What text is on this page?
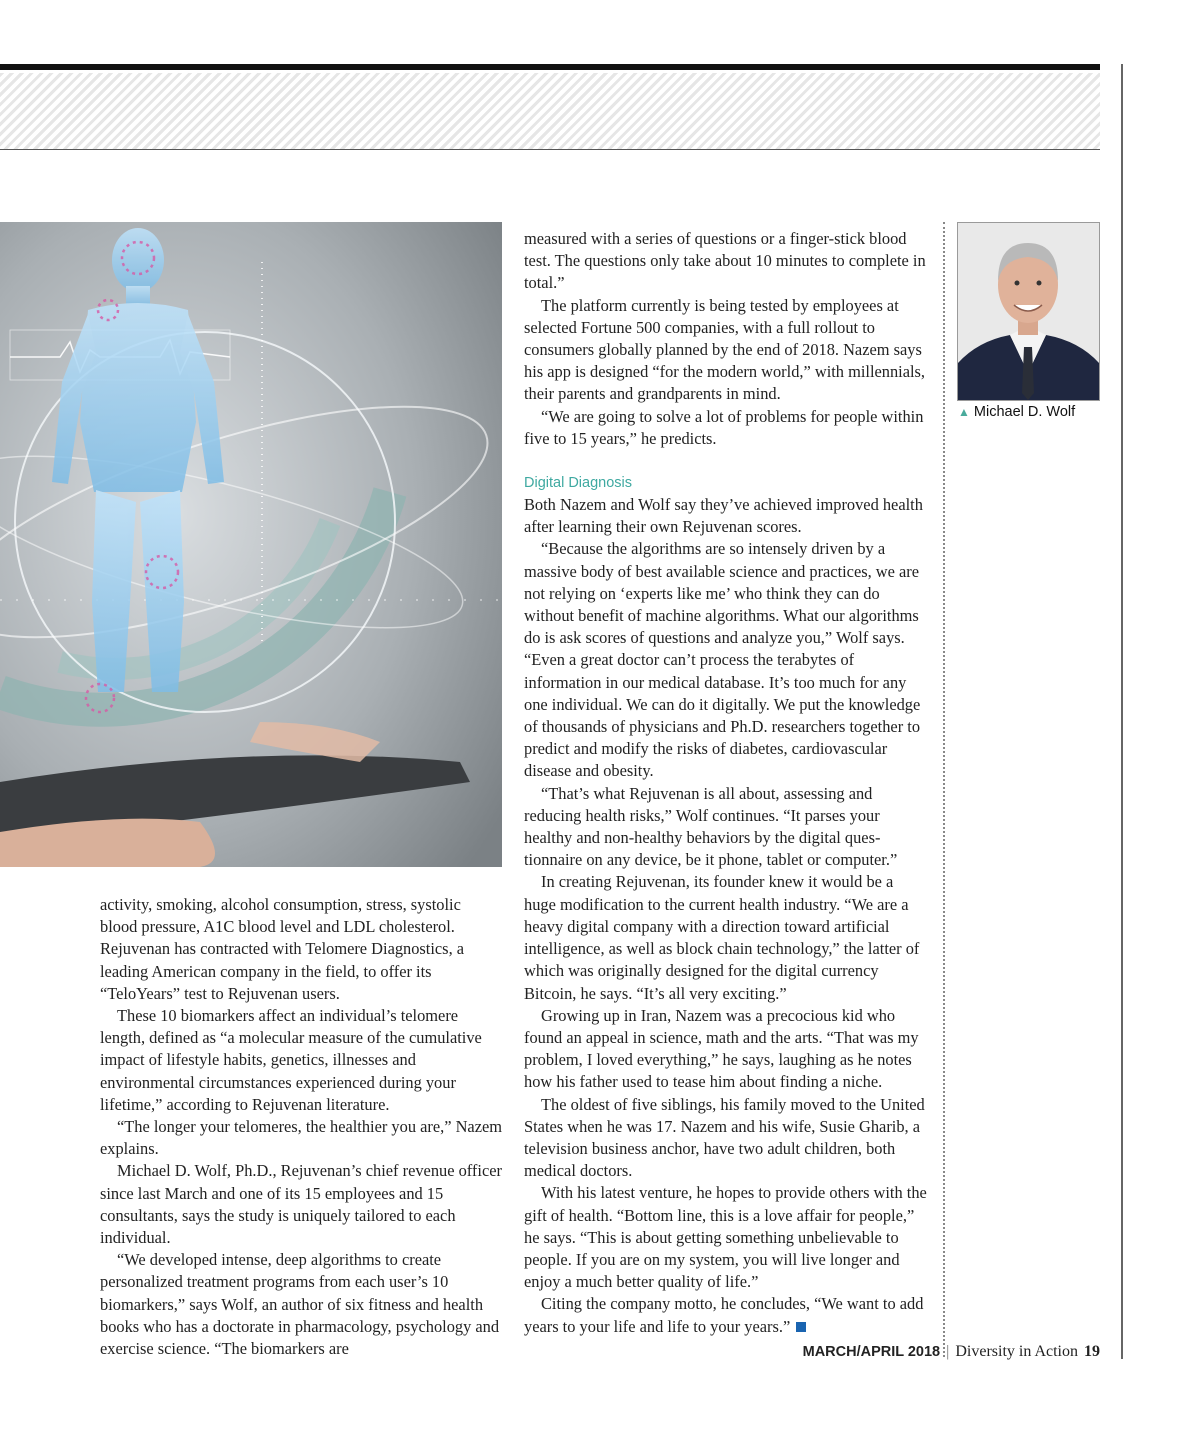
activity, smoking, alcohol consumption, stress, systolic blood pressure, A1C blood level and LDL cholesterol. Rejuvenan has contracted with Telomere Diagnostics, a leading American company in the field, to offer its “TeloYears” test to Rejuvenan users.

These 10 biomarkers affect an individual’s telomere length, defined as “a molecular measure of the cumulative impact of lifestyle habits, genetics, illnesses and environmental circumstances experienced during your lifetime,” according to Rejuvenan literature.

“The longer your telomeres, the healthier you are,” Nazem explains.

Michael D. Wolf, Ph.D., Rejuvenan’s chief revenue officer since last March and one of its 15 employees and 15 consultants, says the study is uniquely tailored to each individual.

“We developed intense, deep algorithms to create personalized treatment programs from each user’s 10 biomarkers,” says Wolf, an author of six fitness and health books who has a doctorate in pharmacology, psychology and exercise science. “The biomarkers are

measured with a series of questions or a finger-stick blood test. The questions only take about 10 minutes to complete in total.”

The platform currently is being tested by employees at selected Fortune 500 companies, with a full rollout to consumers globally planned by the end of 2018. Nazem says his app is designed “for the modern world,” with millennials, their parents and grandparents in mind.

“We are going to solve a lot of problems for people within five to 15 years,” he predicts.

Digital Diagnosis

Both Nazem and Wolf say they’ve achieved improved health after learning their own Rejuvenan scores.

“Because the algorithms are so intensely driven by a massive body of best available science and practices, we are not relying on ‘experts like me’ who think they can do without benefit of machine algorithms. What our algorithms do is ask scores of questions and analyze you,” Wolf says. “Even a great doctor can’t process the terabytes of information in our medical database. It’s too much for any one individual. We can do it digitally. We put the knowledge of thousands of physicians and Ph.D. researchers together to predict and modify the risks of diabetes, cardiovascular disease and obesity.

“That’s what Rejuvenan is all about, assessing and reducing health risks,” Wolf continues. “It parses your healthy and non-healthy behaviors by the digital questionnaire on any device, be it phone, tablet or computer.”

In creating Rejuvenan, its founder knew it would be a huge modification to the current health industry. “We are a heavy digital company with a direction toward artificial intelligence, as well as block chain technology,” the latter of which was originally designed for the digital currency Bitcoin, he says. “It’s all very exciting.”

Growing up in Iran, Nazem was a precocious kid who found an appeal in science, math and the arts. “That was my problem, I loved everything,” he says, laughing as he notes how his father used to tease him about finding a niche.

The oldest of five siblings, his family moved to the United States when he was 17. Nazem and his wife, Susie Gharib, a television business anchor, have two adult children, both medical doctors.

With his latest venture, he hopes to provide others with the gift of health. “Bottom line, this is a love affair for people,” he says. “This is about getting something unbelievable to people. If you are on my system, you will live longer and enjoy a much better quality of life.”

Citing the company motto, he concludes, “We want to add years to your life and life to your years.”

▲ Michael D. Wolf
MARCH/APRIL 2018 | Diversity in Action 19
